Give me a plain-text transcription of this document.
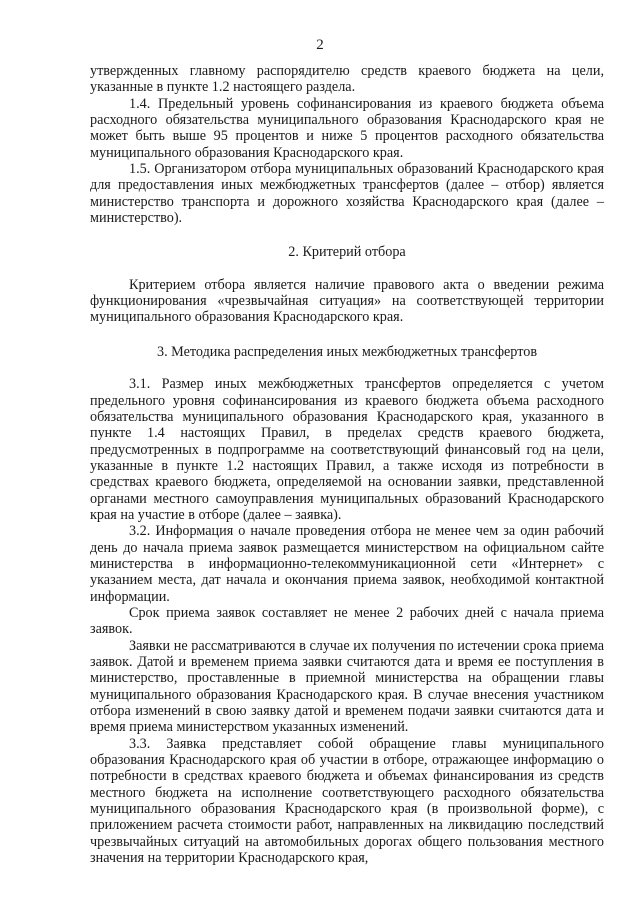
2

утвержденных главному распорядителю средств краевого бюджета на цели, указанные в пункте 1.2 настоящего раздела.

1.4. Предельный уровень софинансирования из краевого бюджета объема расходного обязательства муниципального образования Краснодарского края не может быть выше 95 процентов и ниже 5 процентов расходного обязательства муниципального образования Краснодарского края.

1.5. Организатором отбора муниципальных образований Краснодарского края для предоставления иных межбюджетных трансфертов (далее – отбор) является министерство транспорта и дорожного хозяйства Краснодарского края (далее – министерство).

2. Критерий отбора

Критерием отбора является наличие правового акта о введении режима функционирования «чрезвычайная ситуация» на соответствующей территории муниципального образования Краснодарского края.

3. Методика распределения иных межбюджетных трансфертов

3.1. Размер иных межбюджетных трансфертов определяется с учетом предельного уровня софинансирования из краевого бюджета объема расходного обязательства муниципального образования Краснодарского края, указанного в пункте 1.4 настоящих Правил, в пределах средств краевого бюджета, предусмотренных в подпрограмме на соответствующий финансовый год на цели, указанные в пункте 1.2 настоящих Правил, а также исходя из потребности в средствах краевого бюджета, определяемой на основании заявки, представленной органами местного самоуправления муниципальных образований Краснодарского края на участие в отборе (далее – заявка).

3.2. Информация о начале проведения отбора не менее чем за один рабочий день до начала приема заявок размещается министерством на официальном сайте министерства в информационно-телекоммуникационной сети «Интернет» с указанием места, дат начала и окончания приема заявок, необходимой контактной информации.

Срок приема заявок составляет не менее 2 рабочих дней с начала приема заявок.

Заявки не рассматриваются в случае их получения по истечении срока приема заявок. Датой и временем приема заявки считаются дата и время ее поступления в министерство, проставленные в приемной министерства на обращении главы муниципального образования Краснодарского края. В случае внесения участником отбора изменений в свою заявку датой и временем подачи заявки считаются дата и время приема министерством указанных изменений.

3.3. Заявка представляет собой обращение главы муниципального образования Краснодарского края об участии в отборе, отражающее информацию о потребности в средствах краевого бюджета и объемах финансирования из средств местного бюджета на исполнение соответствующего расходного обязательства муниципального образования Краснодарского края (в произвольной форме), с приложением расчета стоимости работ, направленных на ликвидацию последствий чрезвычайных ситуаций на автомобильных дорогах общего пользования местного значения на территории Краснодарского края,
